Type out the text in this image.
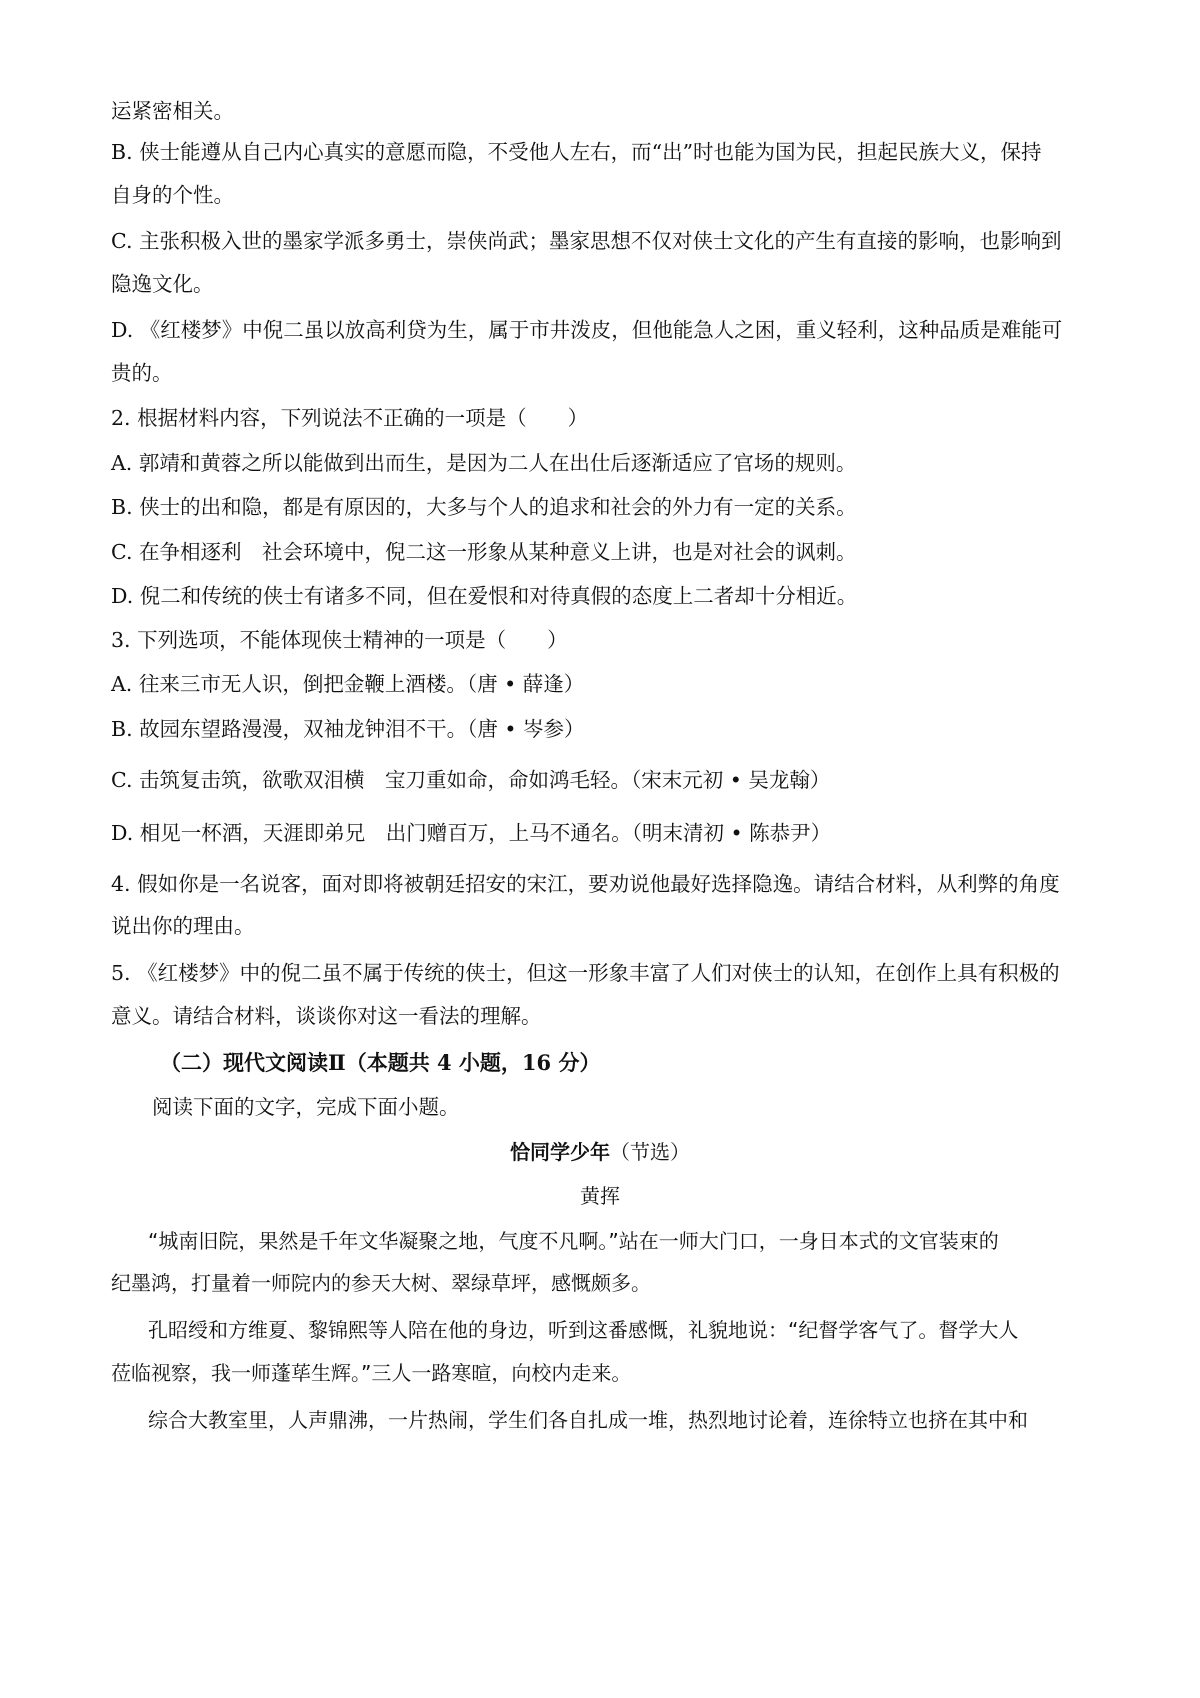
运紧密相关。
B. 侠士能遵从自己内心真实的意愿而隐，不受他人左右，而“出”时也能为国为民，担起民族大义，保持
自身的个性。
C. 主张积极入世的墨家学派多勇士，崇侠尚武；墨家思想不仅对侠士文化的产生有直接的影响，也影响到
隐逸文化。
D. 《红楼梦》中倪二虽以放高利贷为生，属于市井泼皮，但他能急人之困，重义轻利，这种品质是难能可
贵的。
2. 根据材料内容，下列说法不正确的一项是（　　）
A. 郭靖和黄蓉之所以能做到出而生，是因为二人在出仕后逐渐适应了官场的规则。
B. 侠士的出和隐，都是有原因的，大多与个人的追求和社会的外力有一定的关系。
C. 在争相逐利　社会环境中，倪二这一形象从某种意义上讲，也是对社会的讽刺。
D. 倪二和传统的侠士有诸多不同，但在爱恨和对待真假的态度上二者却十分相近。
3. 下列选项，不能体现侠士精神的一项是（　　）
A. 往来三市无人识，倒把金鞭上酒楼。（唐 • 薛逢）
B. 故园东望路漫漫，双袖龙钟泪不干。（唐 • 岑参）
C. 击筑复击筑，欲歌双泪横　宝刀重如命，命如鸿毛轻。（宋末元初 • 吴龙翰）
D. 相见一杯酒，天涯即弟兄　出门赠百万，上马不通名。（明末清初 • 陈恭尹）
4. 假如你是一名说客，面对即将被朝廷招安的宋江，要劝说他最好选择隐逸。请结合材料，从利弊的角度
说出你的理由。
5. 《红楼梦》中的倪二虽不属于传统的侠士，但这一形象丰富了人们对侠士的认知，在创作上具有积极的
意义。请结合材料，谈谈你对这一看法的理解。
（二）现代文阅读Ⅱ（本题共 4 小题，16 分）
阅读下面的文字，完成下面小题。
恰同学少年（节选）
黄挥
“城南旧院，果然是千年文华凝聚之地，气度不凡啊。”站在一师大门口，一身日本式的文官装束的
纪墨鸿，打量着一师院内的参天大树、翠绿草坪，感慨颇多。
孔昭绶和方维夏、黎锦熙等人陪在他的身边，听到这番感慨，礼貌地说：“纪督学客气了。督学大人
莅临视察，我一师蓬荜生辉。”三人一路寒暄，向校内走来。
综合大教室里，人声鼎沸，一片热闹，学生们各自扎成一堆，热烈地讨论着，连徐特立也挤在其中和
